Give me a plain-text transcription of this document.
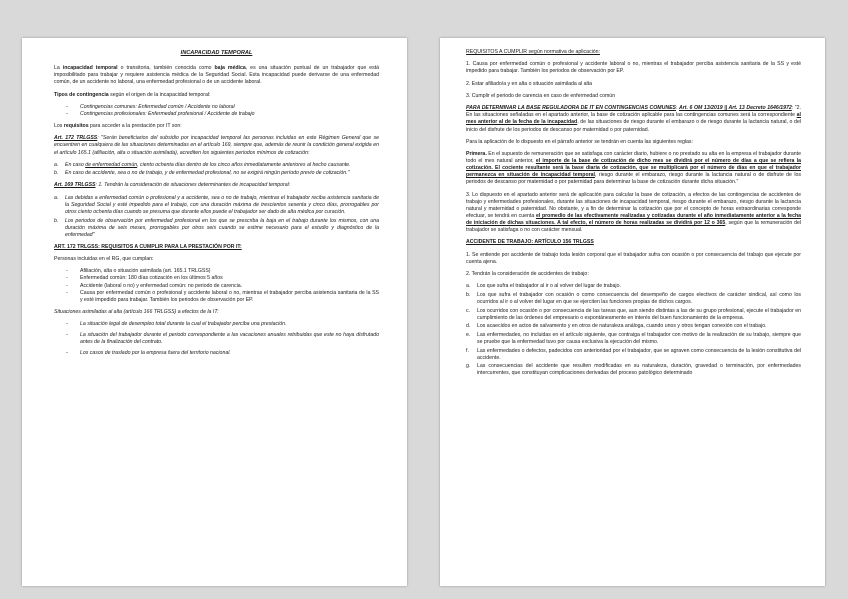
INCAPACIDAD TEMPORAL

La incapacidad temporal o transitoria, también conocida como baja médica, es una situación puntual de un trabajador que está imposibilitado para trabajar y requiere asistencia médica de la Seguridad Social. Esta incapacidad puede derivarse de una enfermedad común, de un accidente no laboral, una enfermedad profesional o de un accidente laboral.

Tipos de contingencia según el origen de la incapacidad temporal:

- Contingencias comunes: Enfermedad común / Accidente no laboral
- Contingencias profesionales: Enfermedad profesional / Accidente de trabajo

Los requisitos para acceder a la prestación por IT son:

Art. 172 TRLGSS: "Serán beneficiarios del subsidio por incapacidad temporal las personas incluidas en este Régimen General que se encuentren en cualquiera de las situaciones determinadas en el artículo 169, siempre que, además de reunir la condición general exigida en el artículo 165.1 (afiliación, alta o situación asimilada), acrediten los siguientes periodos mínimos de cotización:

a. En caso de enfermedad común, ciento ochenta días dentro de los cinco años inmediatamente anteriores al hecho causante.
b. En caso de accidente, sea o no de trabajo, y de enfermedad profesional, no se exigirá ningún período previo de cotización."

Art. 169 TRLGSS: 1. Tendrán la consideración de situaciones determinantes de incapacidad temporal:

a. Las debidas a enfermedad común o profesional y a accidente, sea o no de trabajo, mientras el trabajador reciba asistencia sanitaria de la Seguridad Social y esté impedido para el trabajo, con una duración máxima de trescientos sesenta y cinco días, prorrogables por otros ciento ochenta días cuando se presuma que durante ellos puede el trabajador ser dado de alta médica por curación.
b. Los periodos de observación por enfermedad profesional en los que se prescriba la baja en el trabajo durante los mismos, con una duración máxima de seis meses, prorrogables por otros seis cuando se estime necesario para el estudio y diagnóstico de la enfermedad"

ART. 172 TRLGSS: REQUISITOS A CUMPLIR PARA LA PRESTACIÓN POR IT:

Personas incluidas en el RG, que cumplan:

- Afiliación, alta o situación asimilada (art. 165.1 TRLGSS)
- Enfermedad común: 180 días cotización en los últimos 5 años
- Accidente (laboral o no) y enfermedad común: no periodo de carencia.
- Causa por enfermedad común o profesional y accidente laboral o no, mientras el trabajador perciba asistencia sanitaria de la SS y esté impedido para trabajar. También los periodos de observación por EP.

Situaciones asimiladas al alta (artículo 166 TRLGSS) a efectos de la IT:

- La situación legal de desempleo total durante la cual el trabajador perciba una prestación.
- La situación del trabajador durante el periodo correspondiente a las vacaciones anuales retribuidas que este no haya disfrutado antes de la finalización del contrato.
- Los casos de traslado por la empresa fuera del territorio nacional.

REQUISITOS A CUMPLIR según normativa de aplicación:

1. Causa por enfermedad común o profesional y accidente laboral o no, mientras el trabajador perciba asistencia sanitaria de la SS y esté impedido para trabajar. También los periodos de observación por EP.

2. Estar afiliado/a y en alta o situación asimilada al alta

3. Cumplir el periodo de carencia en caso de enfermedad común

PARA DETERMINAR LA BASE REGULADORA DE IT EN CONTINGENCIAS COMUNES: Art. 6 OM 13/2019 || Art. 13 Decreto 1646/1972: "2. En las situaciones señaladas en el apartado anterior, la base de cotización aplicable para las contingencias comunes será la correspondiente al mes anterior al de la fecha de la incapacidad, de las situaciones de riesgo durante el embarazo o de riesgo durante la lactancia natural, o del inicio del disfrute de los periodos de descanso por maternidad o por paternidad.

Para la aplicación de lo dispuesto en el párrafo anterior se tendrán en cuenta las siguientes reglas:

Primera. En el supuesto de remuneración que se satisfaga con carácter diario, hubiere o no prestado su alta en la empresa el trabajador durante todo el mes natural anterior, el importe de la base de cotización de dicho mes se dividirá por el número de días a que se refiera la cotización. El cociente resultante será la base diaria de cotización, que se multiplicará por el número de días en que el trabajador permanezca en situación de incapacidad temporal, riesgo durante el embarazo, riesgo durante la lactancia natural o de disfrute de los periodos de descanso por maternidad o por paternidad para determinar la base de cotización durante dicha situación."

3. Lo dispuesto en el apartado anterior será de aplicación para calcular la base de cotización, a efectos de las contingencias de accidentes de trabajo y enfermedades profesionales, durante las situaciones de incapacidad temporal, riesgo durante el embarazo, riesgo durante la lactancia natural y maternidad o paternidad. No obstante, y a fin de determinar la cotización que por el concepto de horas extraordinarias corresponde efectuar, se tendrá en cuenta el promedio de las efectivamente realizadas y cotizadas durante el año inmediatamente anterior a la fecha de iniciación de dichas situaciones. A tal efecto, el número de horas realizadas se dividirá por 12 o 365, según que la remuneración del trabajador se satisfaga o no con carácter mensual.

ACCIDENTE DE TRABAJO: ARTÍCULO 156 TRLGSS

1. Se entiende por accidente de trabajo toda lesión corporal que el trabajador sufra con ocasión o por consecuencia del trabajo que ejecute por cuenta ajena.

2. Tendrán la consideración de accidentes de trabajo:

a. Los que sufra el trabajador al ir o al volver del lugar de trabajo.
b. Los que sufra el trabajador con ocasión o como consecuencia del desempeño de cargos electivos de carácter sindical, así como los ocurridos al ir o al volver del lugar en que se ejerciten las funciones propias de dichos cargos.
c. Los ocurridos con ocasión o por consecuencia de las tareas que, aun siendo distintas a las de su grupo profesional, ejecute el trabajador en cumplimiento de las órdenes del empresario o espontáneamente en interés del buen funcionamiento de la empresa.
d. Los acaecidos en actos de salvamento y en otros de naturaleza análoga, cuando unos y otros tengan conexión con el trabajo.
e. Las enfermedades, no incluidas en el artículo siguiente, que contraiga el trabajador con motivo de la realización de su trabajo, siempre que se pruebe que la enfermedad tuvo por causa exclusiva la ejecución del mismo.
f. Las enfermedades o defectos, padecidos con anterioridad por el trabajador, que se agraven como consecuencia de la lesión constitutiva del accidente.
g. Las consecuencias del accidente que resulten modificadas en su naturaleza, duración, gravedad o terminación, por enfermedades intercurrentes, que constituyan complicaciones derivadas del proceso patológico determinado
